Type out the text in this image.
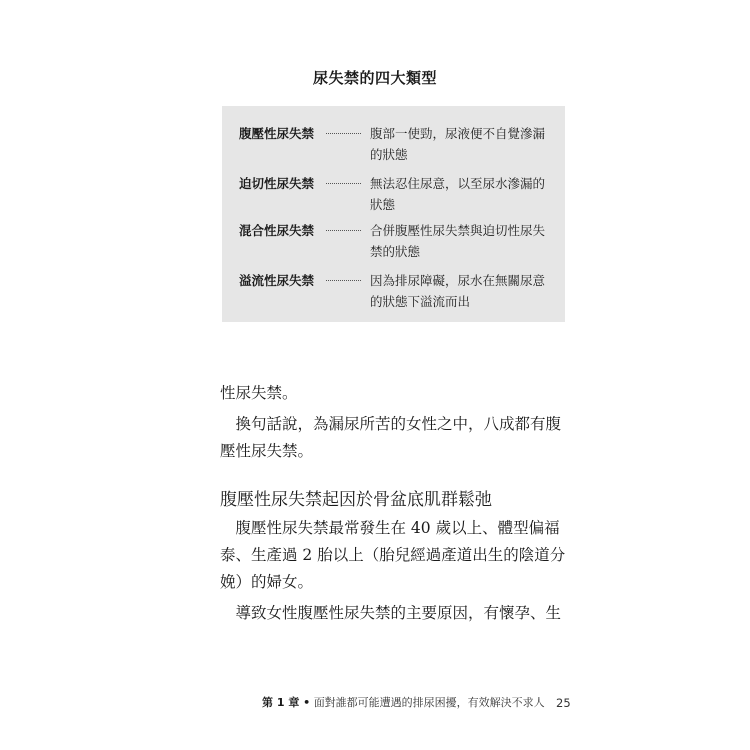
尿失禁的四大類型
腹壓性尿失禁	腹部一使勁，尿液便不自覺滲漏的狀態
迫切性尿失禁	無法忍住尿意，以至尿水滲漏的狀態
混合性尿失禁	合併腹壓性尿失禁與迫切性尿失禁的狀態
溢流性尿失禁	因為排尿障礙，尿水在無關尿意的狀態下溢流而出

性尿失禁。

換句話說，為漏尿所苦的女性之中，八成都有腹壓性尿失禁。

腹壓性尿失禁起因於骨盆底肌群鬆弛

腹壓性尿失禁最常發生在 40 歲以上、體型偏福泰、生產過 2 胎以上（胎兒經過產道出生的陰道分娩）的婦女。

導致女性腹壓性尿失禁的主要原因，有懷孕、生

第 1 章 • 面對誰都可能遭遇的排尿困擾，有效解決不求人 25
